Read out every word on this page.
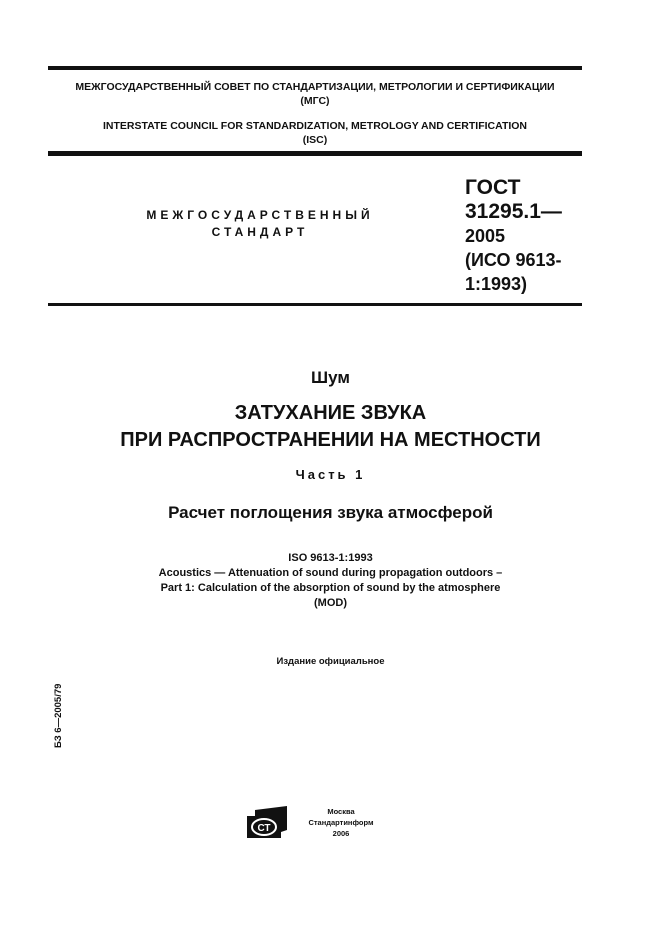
МЕЖГОСУДАРСТВЕННЫЙ СОВЕТ ПО СТАНДАРТИЗАЦИИ, МЕТРОЛОГИИ И СЕРТИФИКАЦИИ
(МГС)
INTERSTATE COUNCIL FOR STANDARDIZATION, METROLOGY AND CERTIFICATION
(ISC)
МЕЖГОСУДАРСТВЕННЫЙ
СТАНДАРТ
ГОСТ
31295.1—
2005
(ИСО 9613-
1:1993)
Шум
ЗАТУХАНИЕ ЗВУКА
ПРИ РАСПРОСТРАНЕНИИ НА МЕСТНОСТИ
Часть 1
Расчет поглощения звука атмосферой
ISO 9613-1:1993
Acoustics — Attenuation of sound during propagation outdoors –
Part 1: Calculation of the absorption of sound by the atmosphere
(MOD)
Издание официальное
БЗ 6—2005/79
СТ
Москва
Стандартинформ
2006
